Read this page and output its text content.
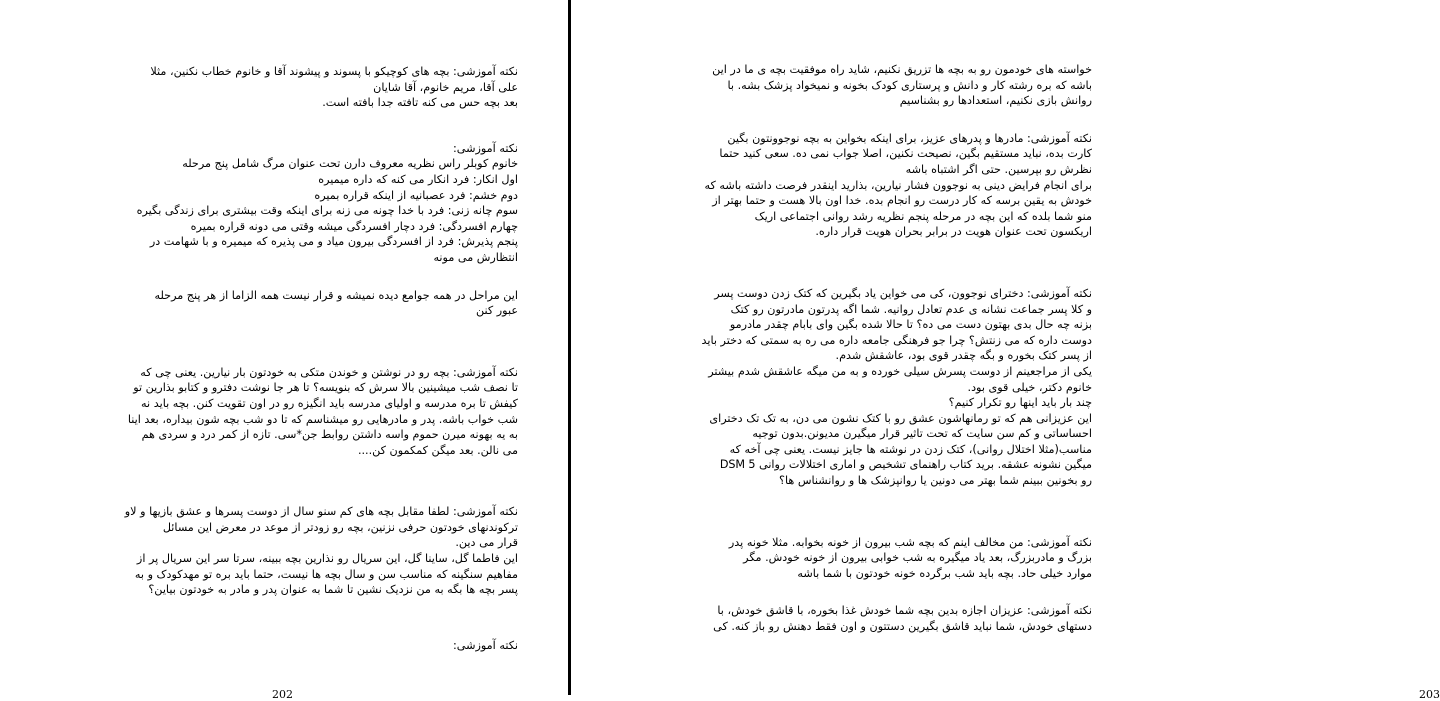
نکته آموزشی: بچه های کوچیکو با پسوند و پیشوند آقا و خانوم خطاب نکنین، مثلا
علی آقا، مریم خانوم، آقا شایان
بعد بچه حس می کنه تافته جدا بافته است.
نکته آموزشی:
خانوم کوبلر راس نظریه معروف دارن تحت عنوان مرگ شامل پنج مرحله
اول انکار: فرد انکار می کنه که داره میمیره
دوم خشم: فرد عصبانیه از اینکه قراره بمیره
سوم چانه زنی: فرد با خدا چونه می زنه برای اینکه وقت بیشتری برای زندگی بگیره
چهارم افسردگی: فرد دچار افسردگی میشه وقتی می دونه قراره بمیره
پنجم پذیرش: فرد از افسردگی بیرون میاد و می پذیره که میمیره و با شهامت در
انتظارش می مونه
این مراحل در همه جوامع دیده نمیشه و قرار نیست همه الزاما از هر پنج مرحله
عبور کنن
نکته آموزشی: بچه رو در نوشتن و خوندن متکی به خودتون بار نیارین. یعنی چی که
تا نصف شب میشینین بالا سرش که بنویسه؟ تا هر جا نوشت دفترو و کتابو بذارین تو
کیفش تا بره مدرسه و اولیای مدرسه باید انگیزه رو در اون تقویت کنن. بچه باید نه
شب خواب باشه. پدر و مادرهایی رو میشناسم که تا دو شب بچه شون بیداره، بعد اینا
به یه بهونه میرن حموم واسه داشتن روابط جن*سی. تازه از کمر درد و سردی هم
می نالن. بعد میگن کمکمون کن....
نکته آموزشی: لطفا مقابل بچه های کم سنو سال از دوست پسرها و عشق بازیها و لاو
ترکوندنهای خودتون حرفی نزنین، بچه رو زودتر از موعد در معرض این مسائل
قرار می دین.
این فاطما گل، ساینا گل، این سریال رو نذارین بچه ببینه، سرتا سر این سریال پر از
مفاهیم سنگینه که مناسب سن و سال بچه ها نیست، حتما باید بره تو مهدکودک و به
پسر بچه ها بگه به من نزدیک نشین تا شما به عنوان پدر و مادر به خودتون بیاین؟
نکته آموزشی:
202
خواسته های خودمون رو به بچه ها تزریق نکنیم، شاید راه موفقیت بچه ی ما در این
باشه که بره رشته کار و دانش و پرستاری کودک بخونه و نمیخواد پزشک بشه. با
روانش بازی نکنیم، استعدادها رو بشناسیم
نکته آموزشی: مادرها و پدرهای عزیز، برای اینکه بخواین به بچه نوجوونتون بگین
کارت بده، نباید مستقیم بگین، نصیحت نکنین، اصلا جواب نمی ده. سعی کنید حتما
نظرش رو بپرسین. حتی اگر اشتباه باشه
برای انجام فرایض دینی به نوجوون فشار نیارین، بذارید اینقدر فرصت داشته باشه که
خودش به یقین برسه که کار درست رو انجام بده. خدا اون بالا هست و حتما بهتر از
منو شما بلده که این بچه در مرحله پنجم نظریه رشد روانی اجتماعی اریک
اریکسون تحت عنوان هویت در برابر بحران هویت قرار داره.
نکته آموزشی: دخترای نوجوون، کی می خواین یاد بگیرین که کتک زدن دوست پسر
و کلا پسر جماعت نشانه ی عدم تعادل روانیه. شما اگه پدرتون مادرتون رو کتک
بزنه چه حال بدی بهتون دست می ده؟ تا حالا شده بگین وای بابام چقدر مادرمو
دوست داره که می زنتش؟ چرا جو فرهنگی جامعه داره می ره به سمتی که دختر باید
از پسر کتک بخوره و بگه چقدر قوی بود، عاشقش شدم.
یکی از مراجعینم از دوست پسرش سیلی خورده و به من میگه عاشقش شدم بیشتر
خانوم دکتر، خیلی قوی بود.
چند بار باید اینها رو تکرار کنیم؟
این عزیزانی هم که تو رمانهاشون عشق رو با کتک نشون می دن، به تک تک دخترای
احساساتی و کم سن سایت که تحت تاثیر قرار میگیرن مدیونن.بدون توجیه
مناسب(مثلا اختلال روانی)، کتک زدن در نوشته ها جایز نیست. یعنی چی آخه که
میگین نشونه عشقه. برید کتاب راهنمای تشخیص و امارى اختلالات روانی DSM 5
رو بخونین ببینم شما بهتر می دونین یا روانپزشک ها و روانشناس ها؟
نکته آموزشی: من مخالف اینم که بچه شب بیرون از خونه بخوابه. مثلا خونه پدر
بزرگ و مادربزرگ، بعد یاد میگیره به شب خوابی بیرون از خونه خودش. مگر
موارد خیلی حاد. بچه باید شب برگرده خونه خودتون با شما باشه
نکته آموزشی: عزیزان اجازه بدین بچه شما خودش غذا بخوره، با قاشق خودش، با
دستهای خودش، شما نباید قاشق بگیرین دستتون و اون فقط دهنش رو باز کنه. کی
203
